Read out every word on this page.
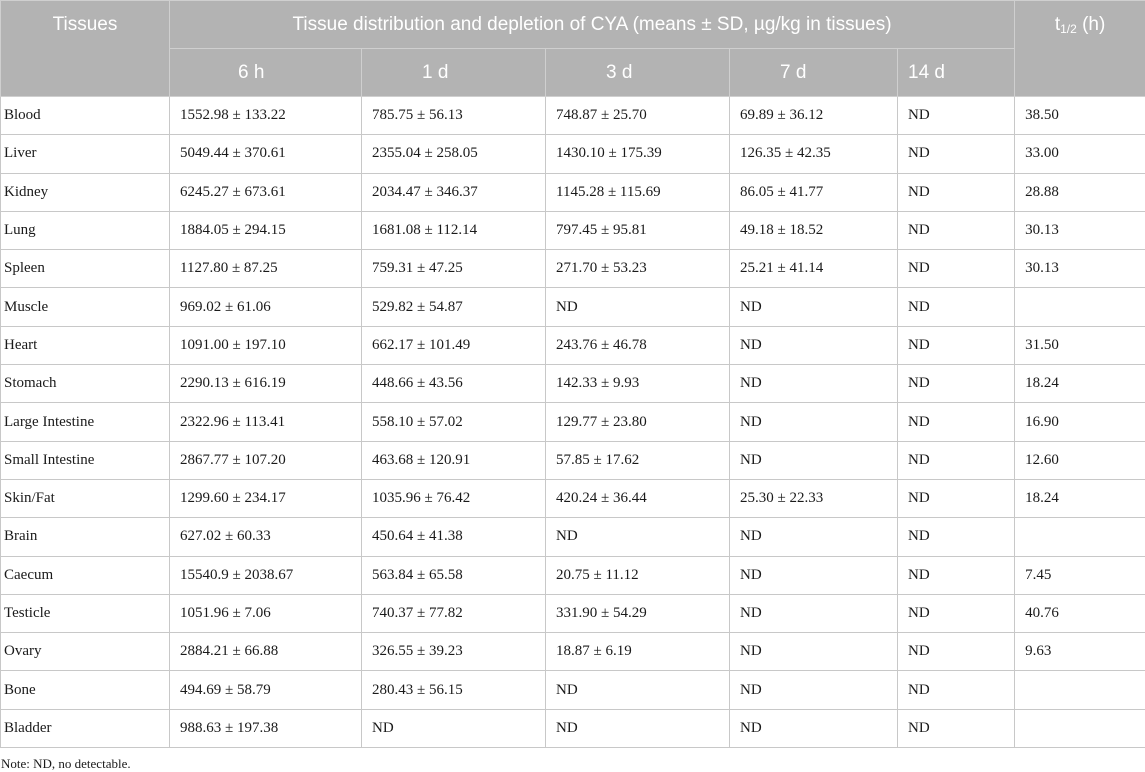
Tissues	Tissue distribution and depletion of CYA (means ± SD, µg/kg in tissues)					$t_{1/2}$ (h)
	6 h	1 d	3 d	7 d	14 d	
Blood	1552.98 ± 133.22	785.75 ± 56.13	748.87 ± 25.70	69.89 ± 36.12	ND	38.50
Liver	5049.44 ± 370.61	2355.04 ± 258.05	1430.10 ± 175.39	126.35 ± 42.35	ND	33.00
Kidney	6245.27 ± 673.61	2034.47 ± 346.37	1145.28 ± 115.69	86.05 ± 41.77	ND	28.88
Lung	1884.05 ± 294.15	1681.08 ± 112.14	797.45 ± 95.81	49.18 ± 18.52	ND	30.13
Spleen	1127.80 ± 87.25	759.31 ± 47.25	271.70 ± 53.23	25.21 ± 41.14	ND	30.13
Muscle	969.02 ± 61.06	529.82 ± 54.87	ND	ND	ND	
Heart	1091.00 ± 197.10	662.17 ± 101.49	243.76 ± 46.78	ND	ND	31.50
Stomach	2290.13 ± 616.19	448.66 ± 43.56	142.33 ± 9.93	ND	ND	18.24
Large Intestine	2322.96 ± 113.41	558.10 ± 57.02	129.77 ± 23.80	ND	ND	16.90
Small Intestine	2867.77 ± 107.20	463.68 ± 120.91	57.85 ± 17.62	ND	ND	12.60
Skin/Fat	1299.60 ± 234.17	1035.96 ± 76.42	420.24 ± 36.44	25.30 ± 22.33	ND	18.24
Brain	627.02 ± 60.33	450.64 ± 41.38	ND	ND	ND	
Caecum	15540.9 ± 2038.67	563.84 ± 65.58	20.75 ± 11.12	ND	ND	7.45
Testicle	1051.96 ± 7.06	740.37 ± 77.82	331.90 ± 54.29	ND	ND	40.76
Ovary	2884.21 ± 66.88	326.55 ± 39.23	18.87 ± 6.19	ND	ND	9.63
Bone	494.69 ± 58.79	280.43 ± 56.15	ND	ND	ND	
Bladder	988.63 ± 197.38	ND	ND	ND	ND	
Note: ND, no detectable.
